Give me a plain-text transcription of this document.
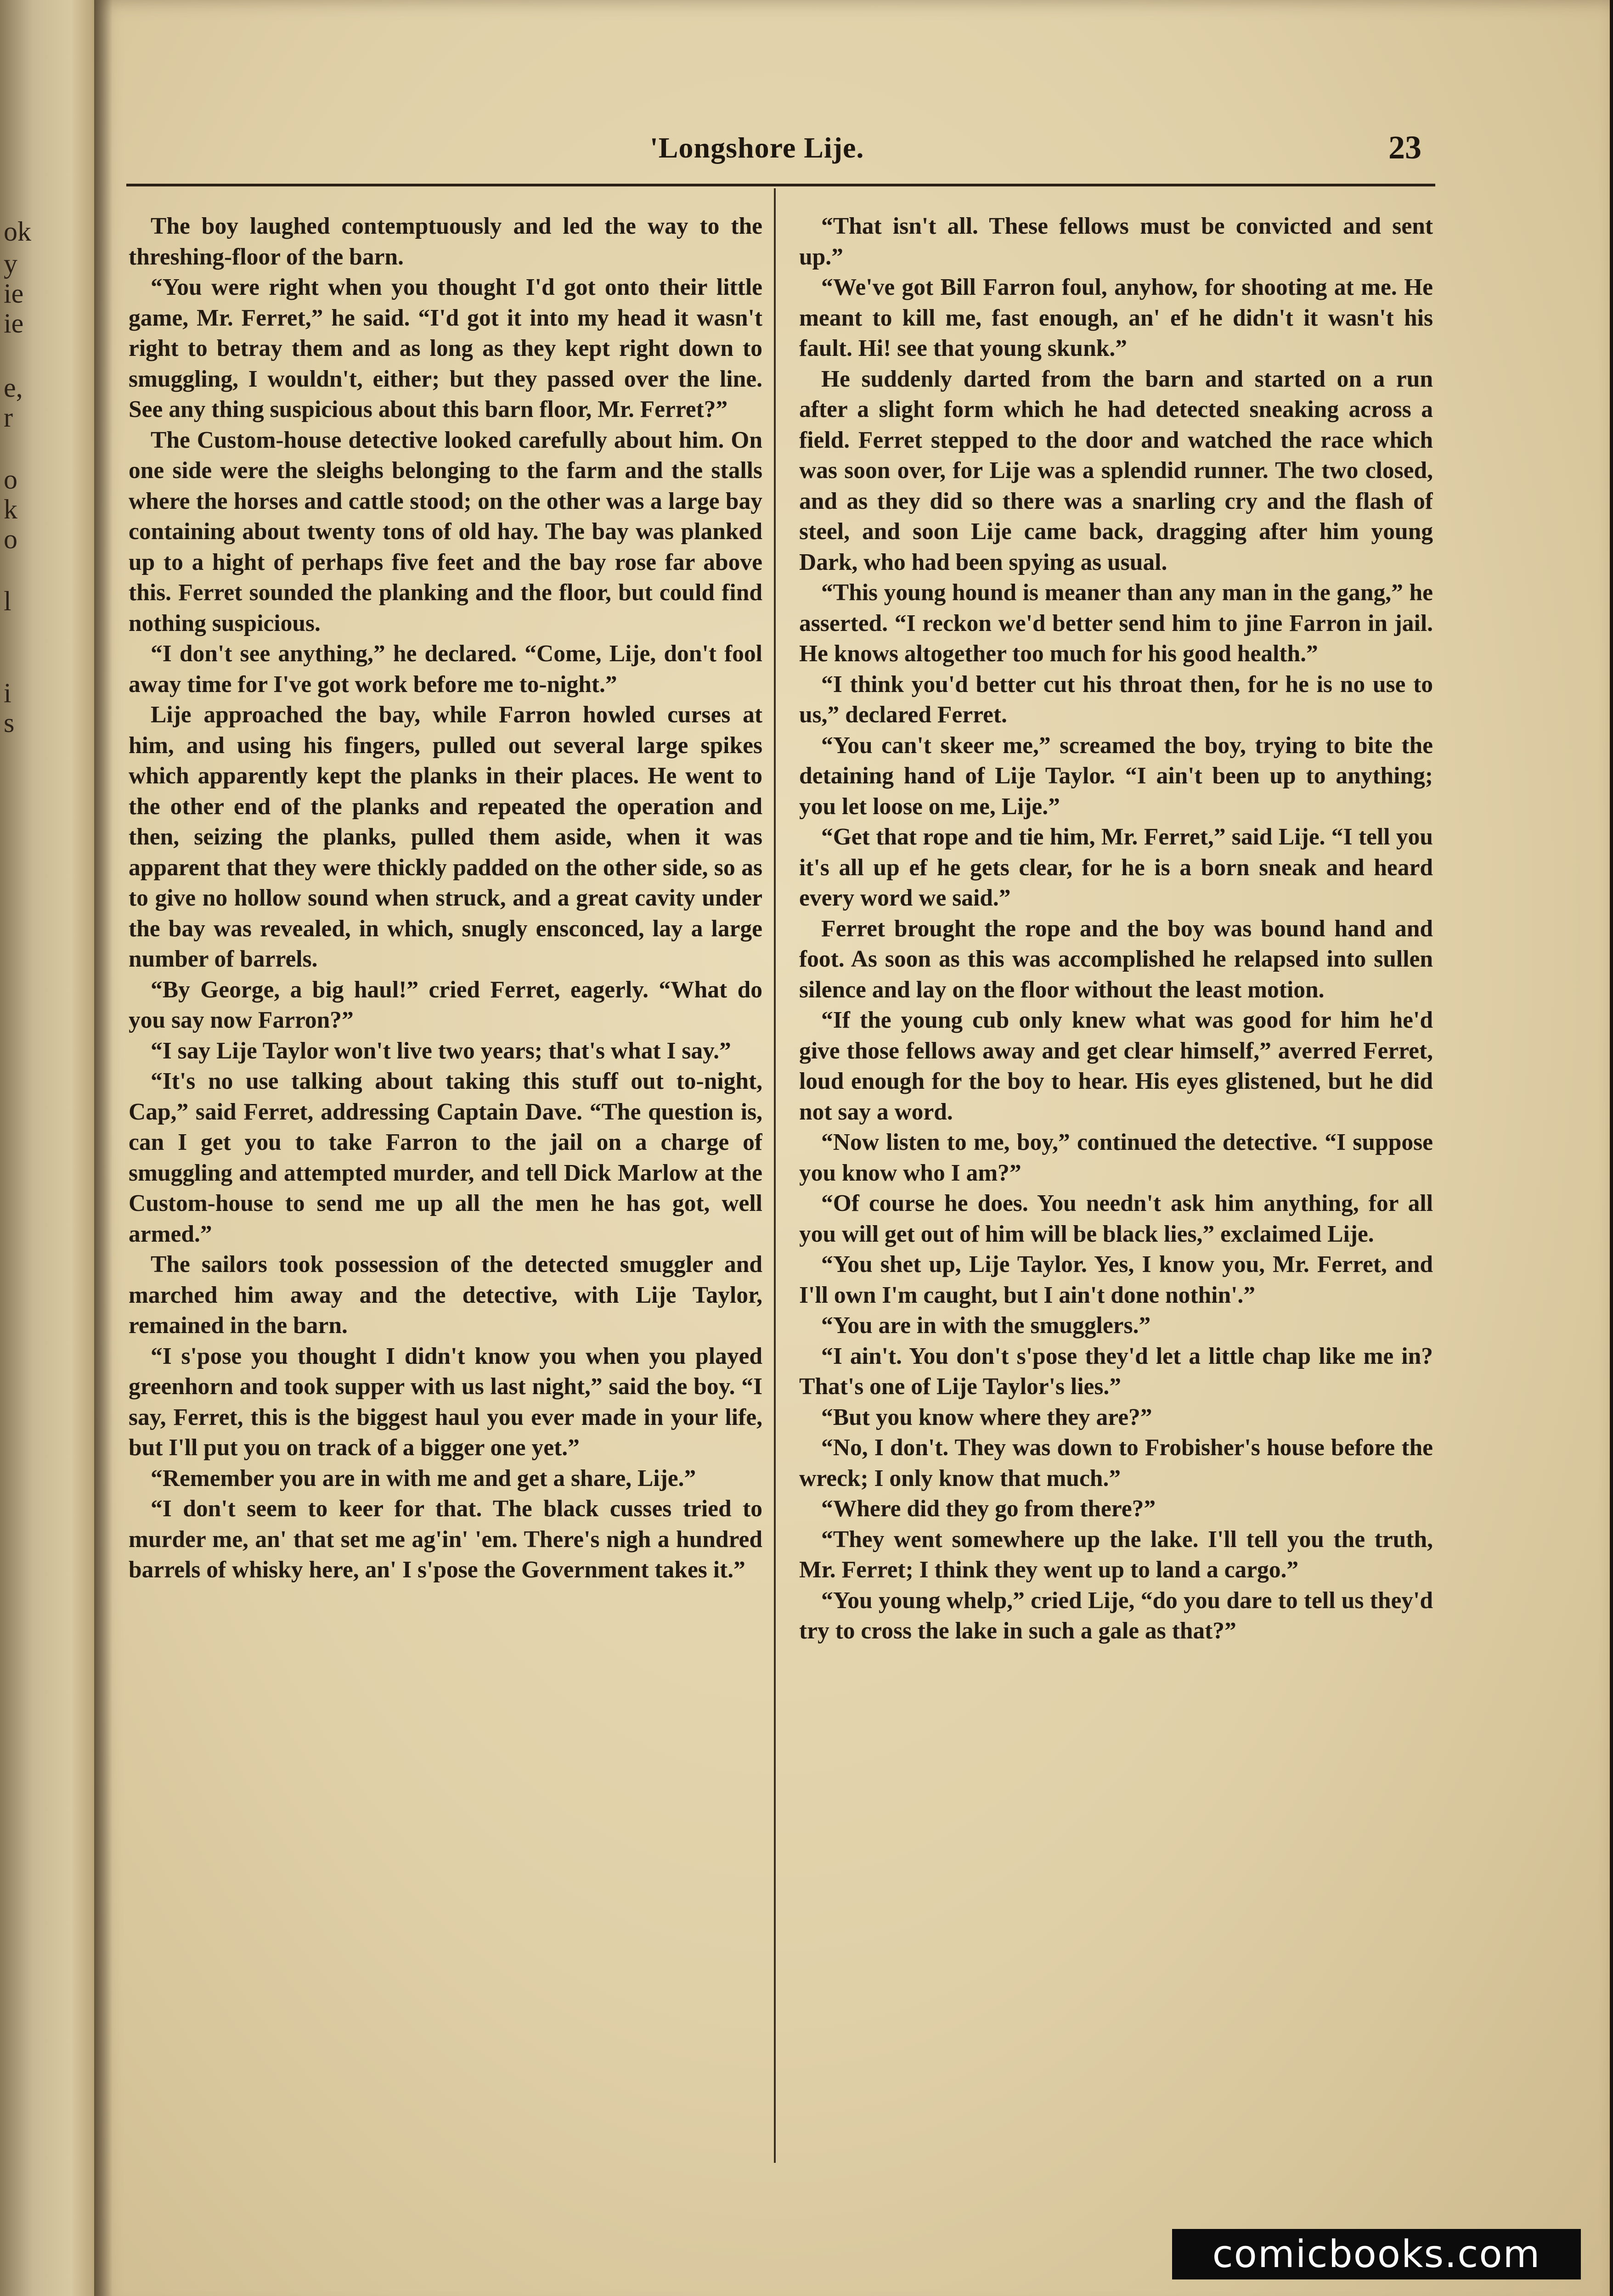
ok
y
ie
ie
e,
r
o
k
o
l
i
s
'Longshore Lije.	23

The boy laughed contemptuously and led the way to the threshing-floor of the barn.

“You were right when you thought I'd got onto their little game, Mr. Ferret,” he said. “I'd got it into my head it wasn't right to betray them and as long as they kept right down to smuggling, I wouldn't, either; but they passed over the line. See any thing suspicious about this barn floor, Mr. Ferret?”

The Custom-house detective looked carefully about him. On one side were the sleighs belonging to the farm and the stalls where the horses and cattle stood; on the other was a large bay containing about twenty tons of old hay. The bay was planked up to a hight of perhaps five feet and the bay rose far above this. Ferret sounded the planking and the floor, but could find nothing suspicious.

“I don't see anything,” he declared. “Come, Lije, don't fool away time for I've got work before me to-night.”

Lije approached the bay, while Farron howled curses at him, and using his fingers, pulled out several large spikes which apparently kept the planks in their places. He went to the other end of the planks and repeated the operation and then, seizing the planks, pulled them aside, when it was apparent that they were thickly padded on the other side, so as to give no hollow sound when struck, and a great cavity under the bay was revealed, in which, snugly ensconced, lay a large number of barrels.

“By George, a big haul!” cried Ferret, eagerly. “What do you say now Farron?”

“I say Lije Taylor won't live two years; that's what I say.”

“It's no use talking about taking this stuff out to-night, Cap,” said Ferret, addressing Captain Dave. “The question is, can I get you to take Farron to the jail on a charge of smuggling and attempted murder, and tell Dick Marlow at the Custom-house to send me up all the men he has got, well armed.”

The sailors took possession of the detected smuggler and marched him away and the detective, with Lije Taylor, remained in the barn.

“I s'pose you thought I didn't know you when you played greenhorn and took supper with us last night,” said the boy. “I say, Ferret, this is the biggest haul you ever made in your life, but I'll put you on track of a bigger one yet.”

“Remember you are in with me and get a share, Lije.”

“I don't seem to keer for that. The black cusses tried to murder me, an' that set me ag'in' 'em. There's nigh a hundred barrels of whisky here, an' I s'pose the Government takes it.”

“That isn't all. These fellows must be convicted and sent up.”

“We've got Bill Farron foul, anyhow, for shooting at me. He meant to kill me, fast enough, an' ef he didn't it wasn't his fault. Hi! see that young skunk.”

He suddenly darted from the barn and started on a run after a slight form which he had detected sneaking across a field. Ferret stepped to the door and watched the race which was soon over, for Lije was a splendid runner. The two closed, and as they did so there was a snarling cry and the flash of steel, and soon Lije came back, dragging after him young Dark, who had been spying as usual.

“This young hound is meaner than any man in the gang,” he asserted. “I reckon we'd better send him to jine Farron in jail. He knows altogether too much for his good health.”

“I think you'd better cut his throat then, for he is no use to us,” declared Ferret.

“You can't skeer me,” screamed the boy, trying to bite the detaining hand of Lije Taylor. “I ain't been up to anything; you let loose on me, Lije.”

“Get that rope and tie him, Mr. Ferret,” said Lije. “I tell you it's all up ef he gets clear, for he is a born sneak and heard every word we said.”

Ferret brought the rope and the boy was bound hand and foot. As soon as this was accomplished he relapsed into sullen silence and lay on the floor without the least motion.

“If the young cub only knew what was good for him he'd give those fellows away and get clear himself,” averred Ferret, loud enough for the boy to hear. His eyes glistened, but he did not say a word.

“Now listen to me, boy,” continued the detective. “I suppose you know who I am?”

“Of course he does. You needn't ask him anything, for all you will get out of him will be black lies,” exclaimed Lije.

“You shet up, Lije Taylor. Yes, I know you, Mr. Ferret, and I'll own I'm caught, but I ain't done nothin'.”

“You are in with the smugglers.”

“I ain't. You don't s'pose they'd let a little chap like me in? That's one of Lije Taylor's lies.”

“But you know where they are?”

“No, I don't. They was down to Frobisher's house before the wreck; I only know that much.”

“Where did they go from there?”

“They went somewhere up the lake. I'll tell you the truth, Mr. Ferret; I think they went up to land a cargo.”

“You young whelp,” cried Lije, “do you dare to tell us they'd try to cross the lake in such a gale as that?”

comicbooks.com
